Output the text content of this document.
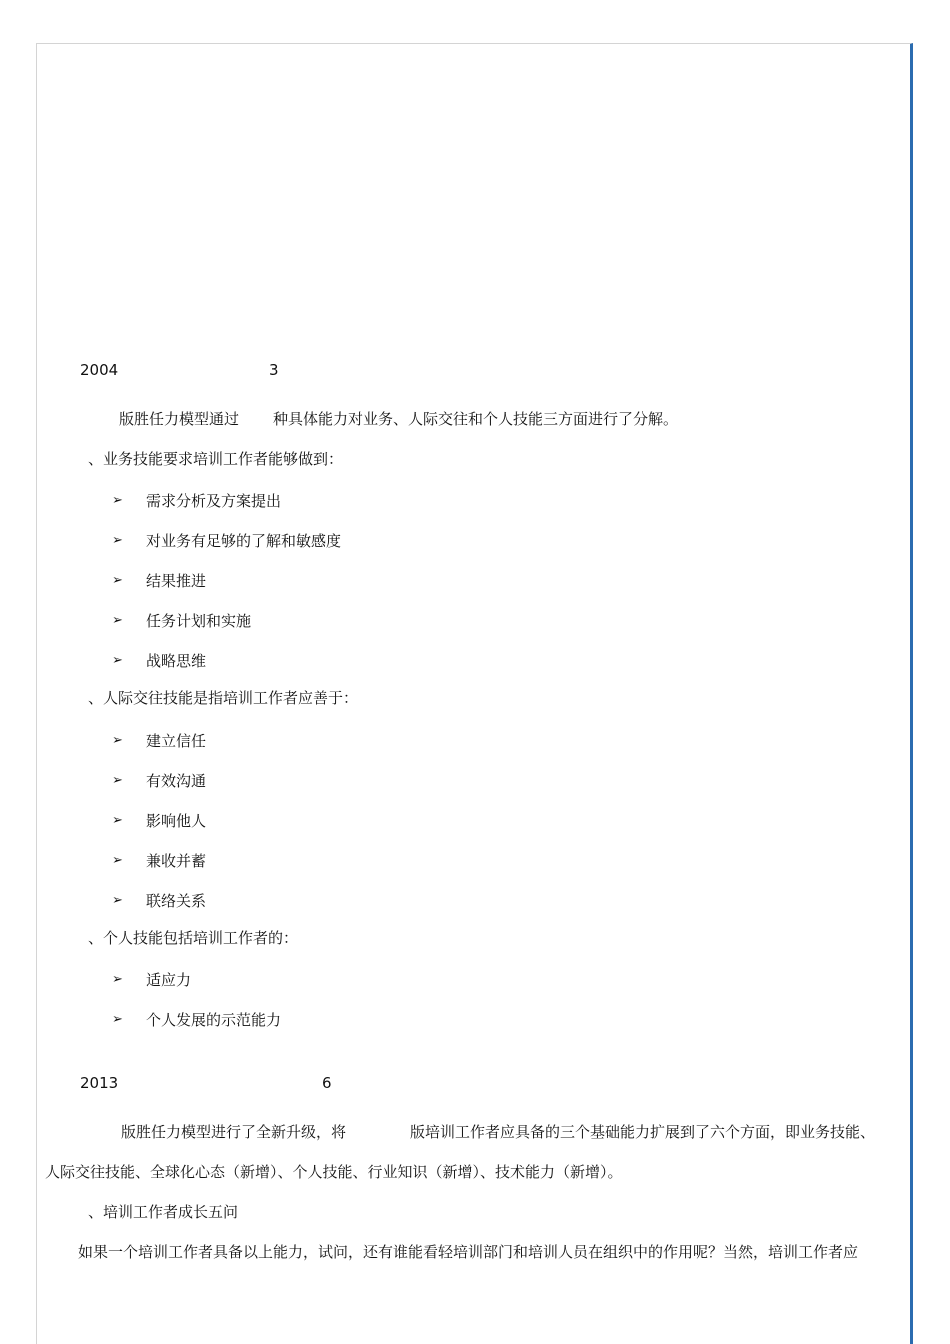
2004	3
版胜任力模型通过 种具体能力对业务、人际交往和个人技能三方面进行了分解。
、业务技能要求培训工作者能够做到：
➢ 需求分析及方案提出
➢ 对业务有足够的了解和敏感度
➢ 结果推进
➢ 任务计划和实施
➢ 战略思维
、人际交往技能是指培训工作者应善于：
➢ 建立信任
➢ 有效沟通
➢ 影响他人
➢ 兼收并蓄
➢ 联络关系
、个人技能包括培训工作者的：
➢ 适应力
➢ 个人发展的示范能力
2013	6
版胜任力模型进行了全新升级，将	版培训工作者应具备的三个基础能力扩展到了六个方面，即业务技能、
人际交往技能、全球化心态（新增）、个人技能、行业知识（新增）、技术能力（新增）。
、培训工作者成长五问
如果一个培训工作者具备以上能力，试问，还有谁能看轻培训部门和培训人员在组织中的作用呢？当然，培训工作者应
